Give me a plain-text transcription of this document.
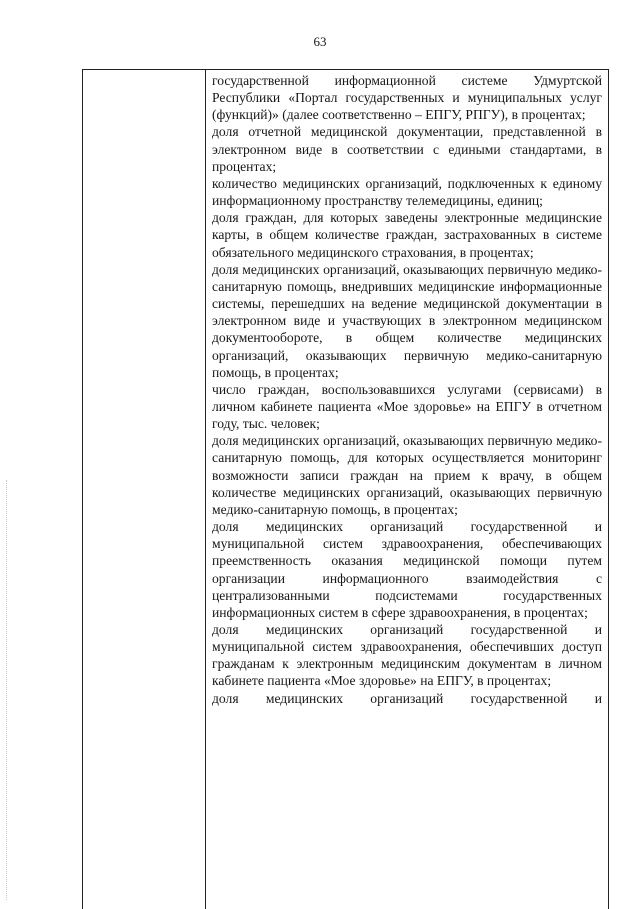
63

государственной информационной системе Удмуртской Республики «Портал государственных и муниципальных услуг (функций)» (далее соответственно – ЕПГУ, РПГУ), в процентах;

доля отчетной медицинской документации, представленной в электронном виде в соответствии с едиными стандартами, в процентах;

количество медицинских организаций, подключенных к единому информационному пространству телемедицины, единиц;

доля граждан, для которых заведены электронные медицинские карты, в общем количестве граждан, застрахованных в системе обязательного медицинского страхования, в процентах;

доля медицинских организаций, оказывающих первичную медико-санитарную помощь, внедривших медицинские информационные системы, перешедших на ведение медицинской документации в электронном виде и участвующих в электронном медицинском документообороте, в общем количестве медицинских организаций, оказывающих первичную медико-санитарную помощь, в процентах;

число граждан, воспользовавшихся услугами (сервисами) в личном кабинете пациента «Мое здоровье» на ЕПГУ в отчетном году, тыс. человек;

доля медицинских организаций, оказывающих первичную медико-санитарную помощь, для которых осуществляется мониторинг возможности записи граждан на прием к врачу, в общем количестве медицинских организаций, оказывающих первичную медико-санитарную помощь, в процентах;

доля медицинских организаций государственной и муниципальной систем здравоохранения, обеспечивающих преемственность оказания медицинской помощи путем организации информационного взаимодействия с централизованными подсистемами государственных информационных систем в сфере здравоохранения, в процентах;

доля медицинских организаций государственной и муниципальной систем здравоохранения, обеспечивших доступ гражданам к электронным медицинским документам в личном кабинете пациента «Мое здоровье» на ЕПГУ, в процентах;

доля медицинских организаций государственной и
